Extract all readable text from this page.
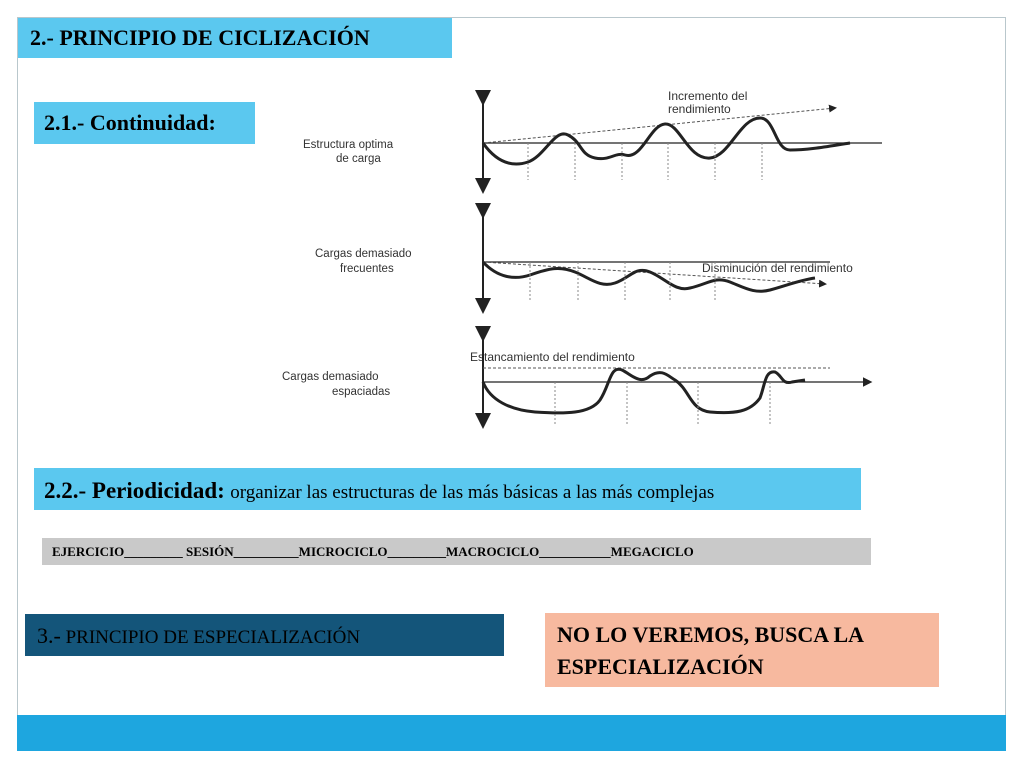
2.- PRINCIPIO DE CICLIZACIÓN
2.1.- Continuidad:
Estructura optima
de carga
Incremento del
rendimiento
Cargas demasiado
frecuentes	Disminución del rendimiento
Cargas demasiado
espaciadas
Estancamiento del rendimiento
2.2.- Periodicidad: organizar las estructuras de las más básicas a las más complejas
EJERCICIO_________ SESIÓN__________MICROCICLO_________MACROCICLO___________MEGACICLO
3.- PRINCIPIO DE ESPECIALIZACIÓN	NO LO VEREMOS, BUSCA LA
ESPECIALIZACIÓN
